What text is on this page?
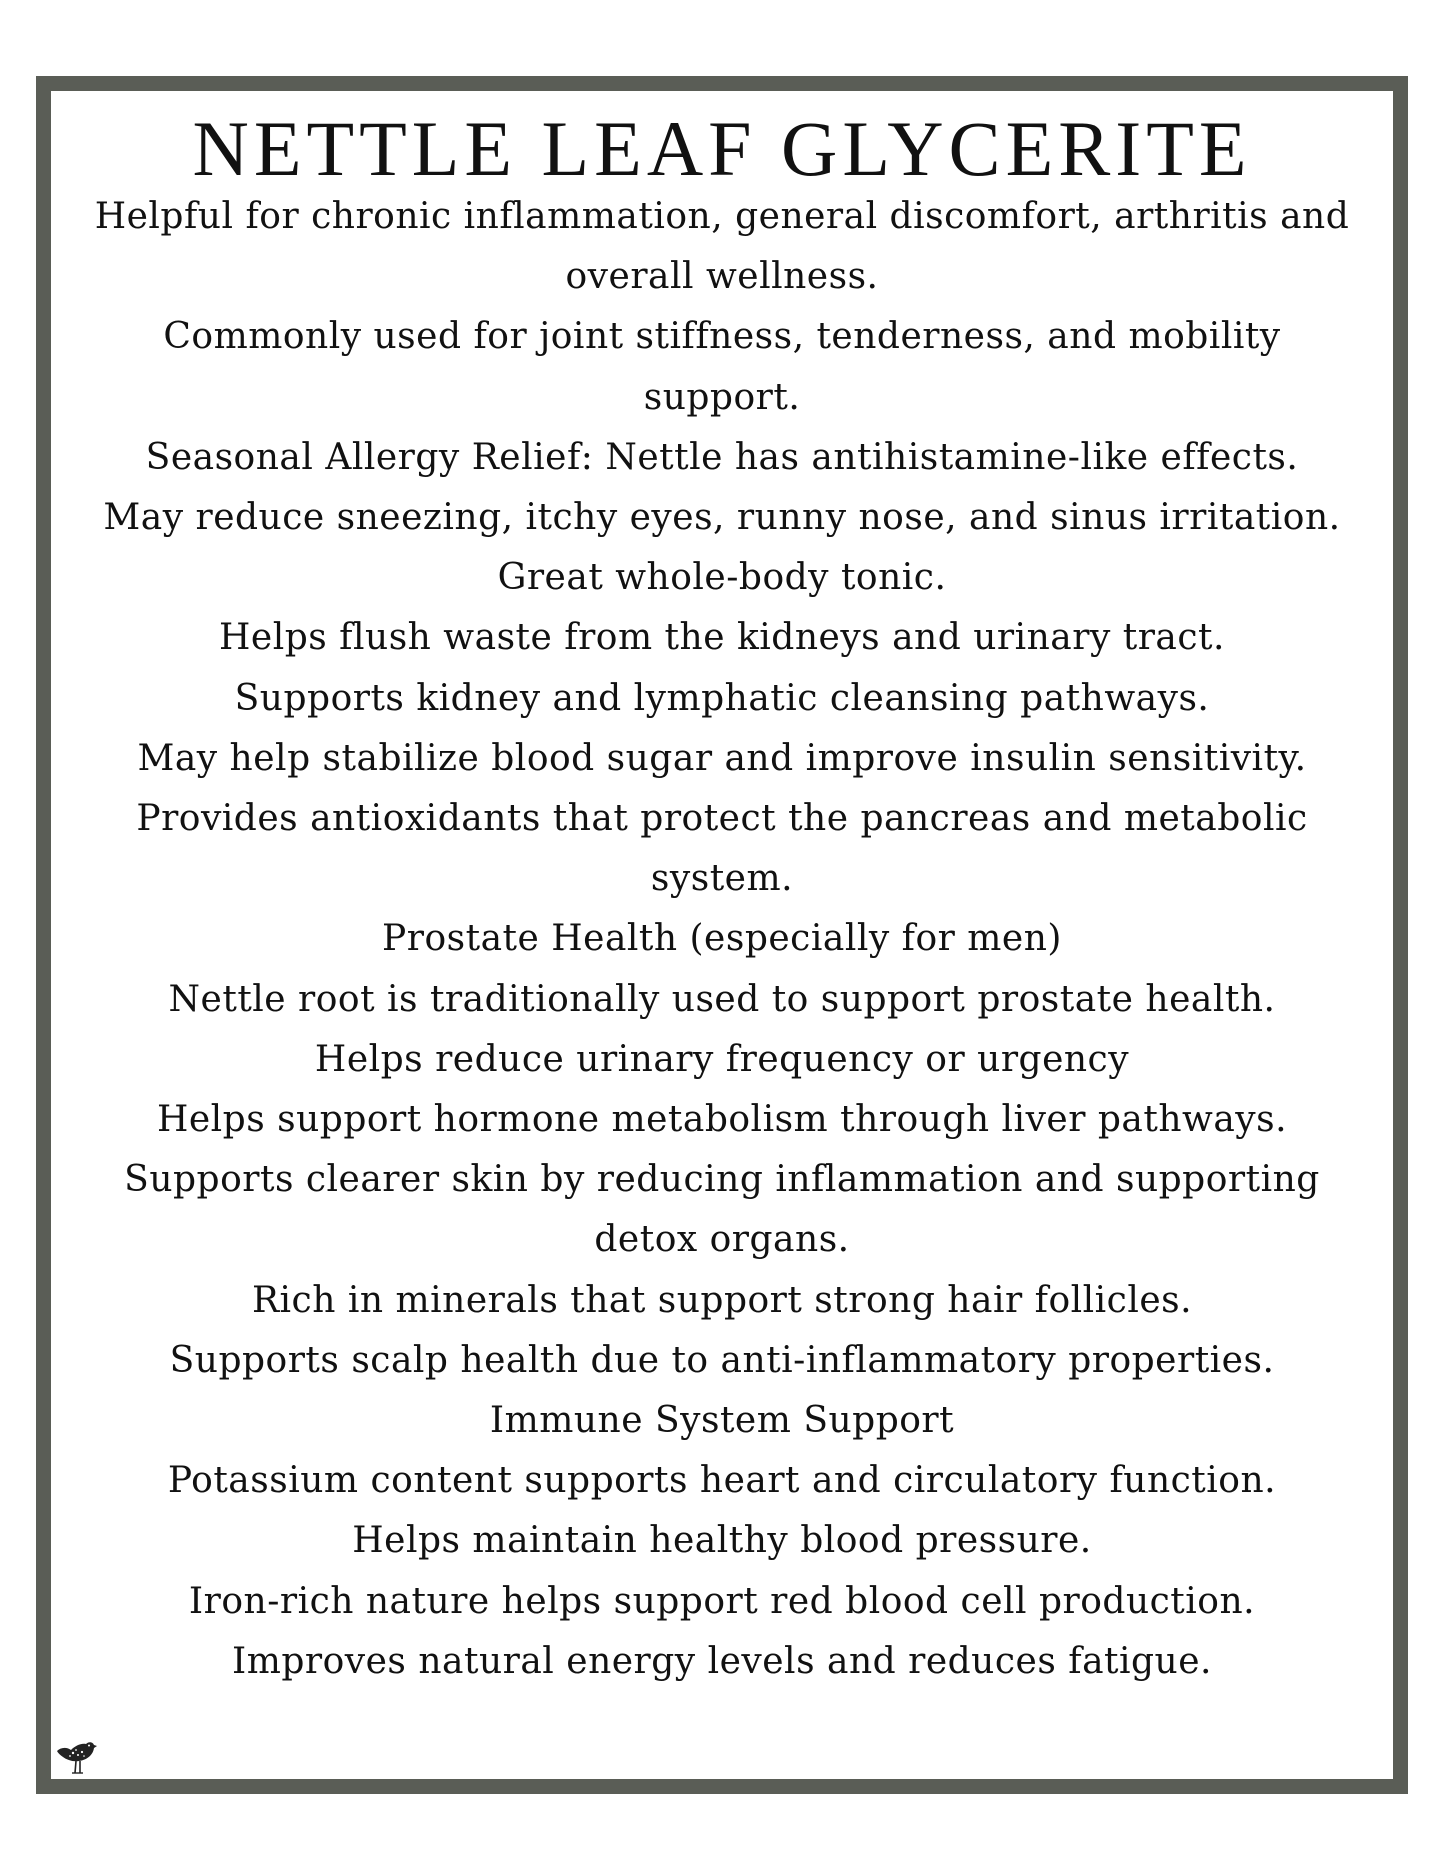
NETTLE LEAF GLYCERITE
Helpful for chronic inflammation, general discomfort, arthritis and overall wellness.
Commonly used for joint stiffness, tenderness, and mobility support.
Seasonal Allergy Relief: Nettle has antihistamine-like effects.
May reduce sneezing, itchy eyes, runny nose, and sinus irritation.
Great whole-body tonic.
Helps flush waste from the kidneys and urinary tract.
Supports kidney and lymphatic cleansing pathways.
May help stabilize blood sugar and improve insulin sensitivity.
Provides antioxidants that protect the pancreas and metabolic system.
Prostate Health (especially for men)
Nettle root is traditionally used to support prostate health.
Helps reduce urinary frequency or urgency
Helps support hormone metabolism through liver pathways.
Supports clearer skin by reducing inflammation and supporting detox organs.
Rich in minerals that support strong hair follicles.
Supports scalp health due to anti-inflammatory properties.
Immune System Support
Potassium content supports heart and circulatory function.
Helps maintain healthy blood pressure.
Iron-rich nature helps support red blood cell production.
Improves natural energy levels and reduces fatigue.
